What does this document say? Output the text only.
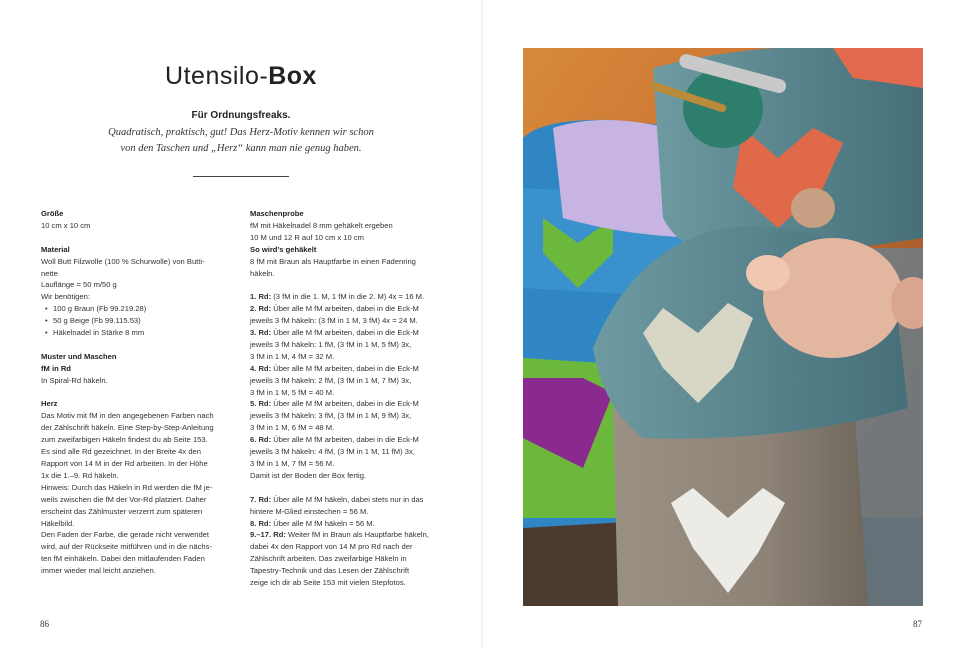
Utensilo-Box
Für Ordnungsfreaks.
Quadratisch, praktisch, gut! Das Herz-Motiv kennen wir schon
von den Taschen und „Herz“ kann man nie genug haben.
Größe
10 cm x 10 cm
Material
Woll Butt Filzwolle (100 % Schurwolle) von Butti-
nette
Lauflänge = 50 m/50 g
Wir benötigen:
• 100 g Braun (Fb 99.219.28)
• 50 g Beige (Fb 99.115.53)
• Häkelnadel in Stärke 8 mm
Muster und Maschen
fM in Rd
In Spiral-Rd häkeln.
Herz
Das Motiv mit fM in den angegebenen Farben nach
der Zählschrift häkeln. Eine Step-by-Step-Anleitung
zum zweifarbigen Häkeln findest du ab Seite 153.
Es sind alle Rd gezeichnet. In der Breite 4x den
Rapport von 14 M in der Rd arbeiten. In der Höhe
1x die 1.–9. Rd häkeln.
Hinweis: Durch das Häkeln in Rd werden die fM je-
weils zwischen die fM der Vor-Rd platziert. Daher
erscheint das Zählmuster verzerrt zum späteren
Häkelbild.
Den Faden der Farbe, die gerade nicht verwendet
wird, auf der Rückseite mitführen und in die nächs-
ten fM einhäkeln. Dabei den mitlaufenden Faden
immer wieder mal leicht anziehen.
Maschenprobe
fM mit Häkelnadel 8 mm gehäkelt ergeben
10 M und 12 R auf 10 cm x 10 cm
So wird’s gehäkelt
8 fM mit Braun als Hauptfarbe in einen Fadenring
häkeln.
1. Rd: (3 fM in die 1. M, 1 fM in die 2. M) 4x = 16 M.
2. Rd: Über alle M fM arbeiten, dabei in die Eck-M
jeweils 3 fM häkeln: (3 fM in 1 M, 3 fM) 4x = 24 M.
3. Rd: Über alle M fM arbeiten, dabei in die Eck-M
jeweils 3 fM häkeln: 1 fM, (3 fM in 1 M, 5 fM) 3x,
3 fM in 1 M, 4 fM = 32 M.
4. Rd: Über alle M fM arbeiten, dabei in die Eck-M
jeweils 3 fM häkeln: 2 fM, (3 fM in 1 M, 7 fM) 3x,
3 fM in 1 M, 5 fM = 40 M.
5. Rd: Über alle M fM arbeiten, dabei in die Eck-M
jeweils 3 fM häkeln: 3 fM, (3 fM in 1 M, 9 fM) 3x,
3 fM in 1 M, 6 fM = 48 M.
6. Rd: Über alle M fM arbeiten, dabei in die Eck-M
jeweils 3 fM häkeln: 4 fM, (3 fM in 1 M, 11 fM) 3x,
3 fM in 1 M, 7 fM = 56 M.
Damit ist der Boden der Box fertig.
7. Rd: Über alle M fM häkeln, dabei stets nur in das
hintere M-Glied einstechen = 56 M.
8. Rd: Über alle M fM häkeln = 56 M.
9.–17. Rd: Weiter fM in Braun als Hauptfarbe häkeln,
dabei 4x den Rapport von 14 M pro Rd nach der
Zählschrift arbeiten. Das zweifarbige Häkeln in
Tapestry-Technik und das Lesen der Zählschrift
zeige ich dir ab Seite 153 mit vielen Stepfotos.
86	87
